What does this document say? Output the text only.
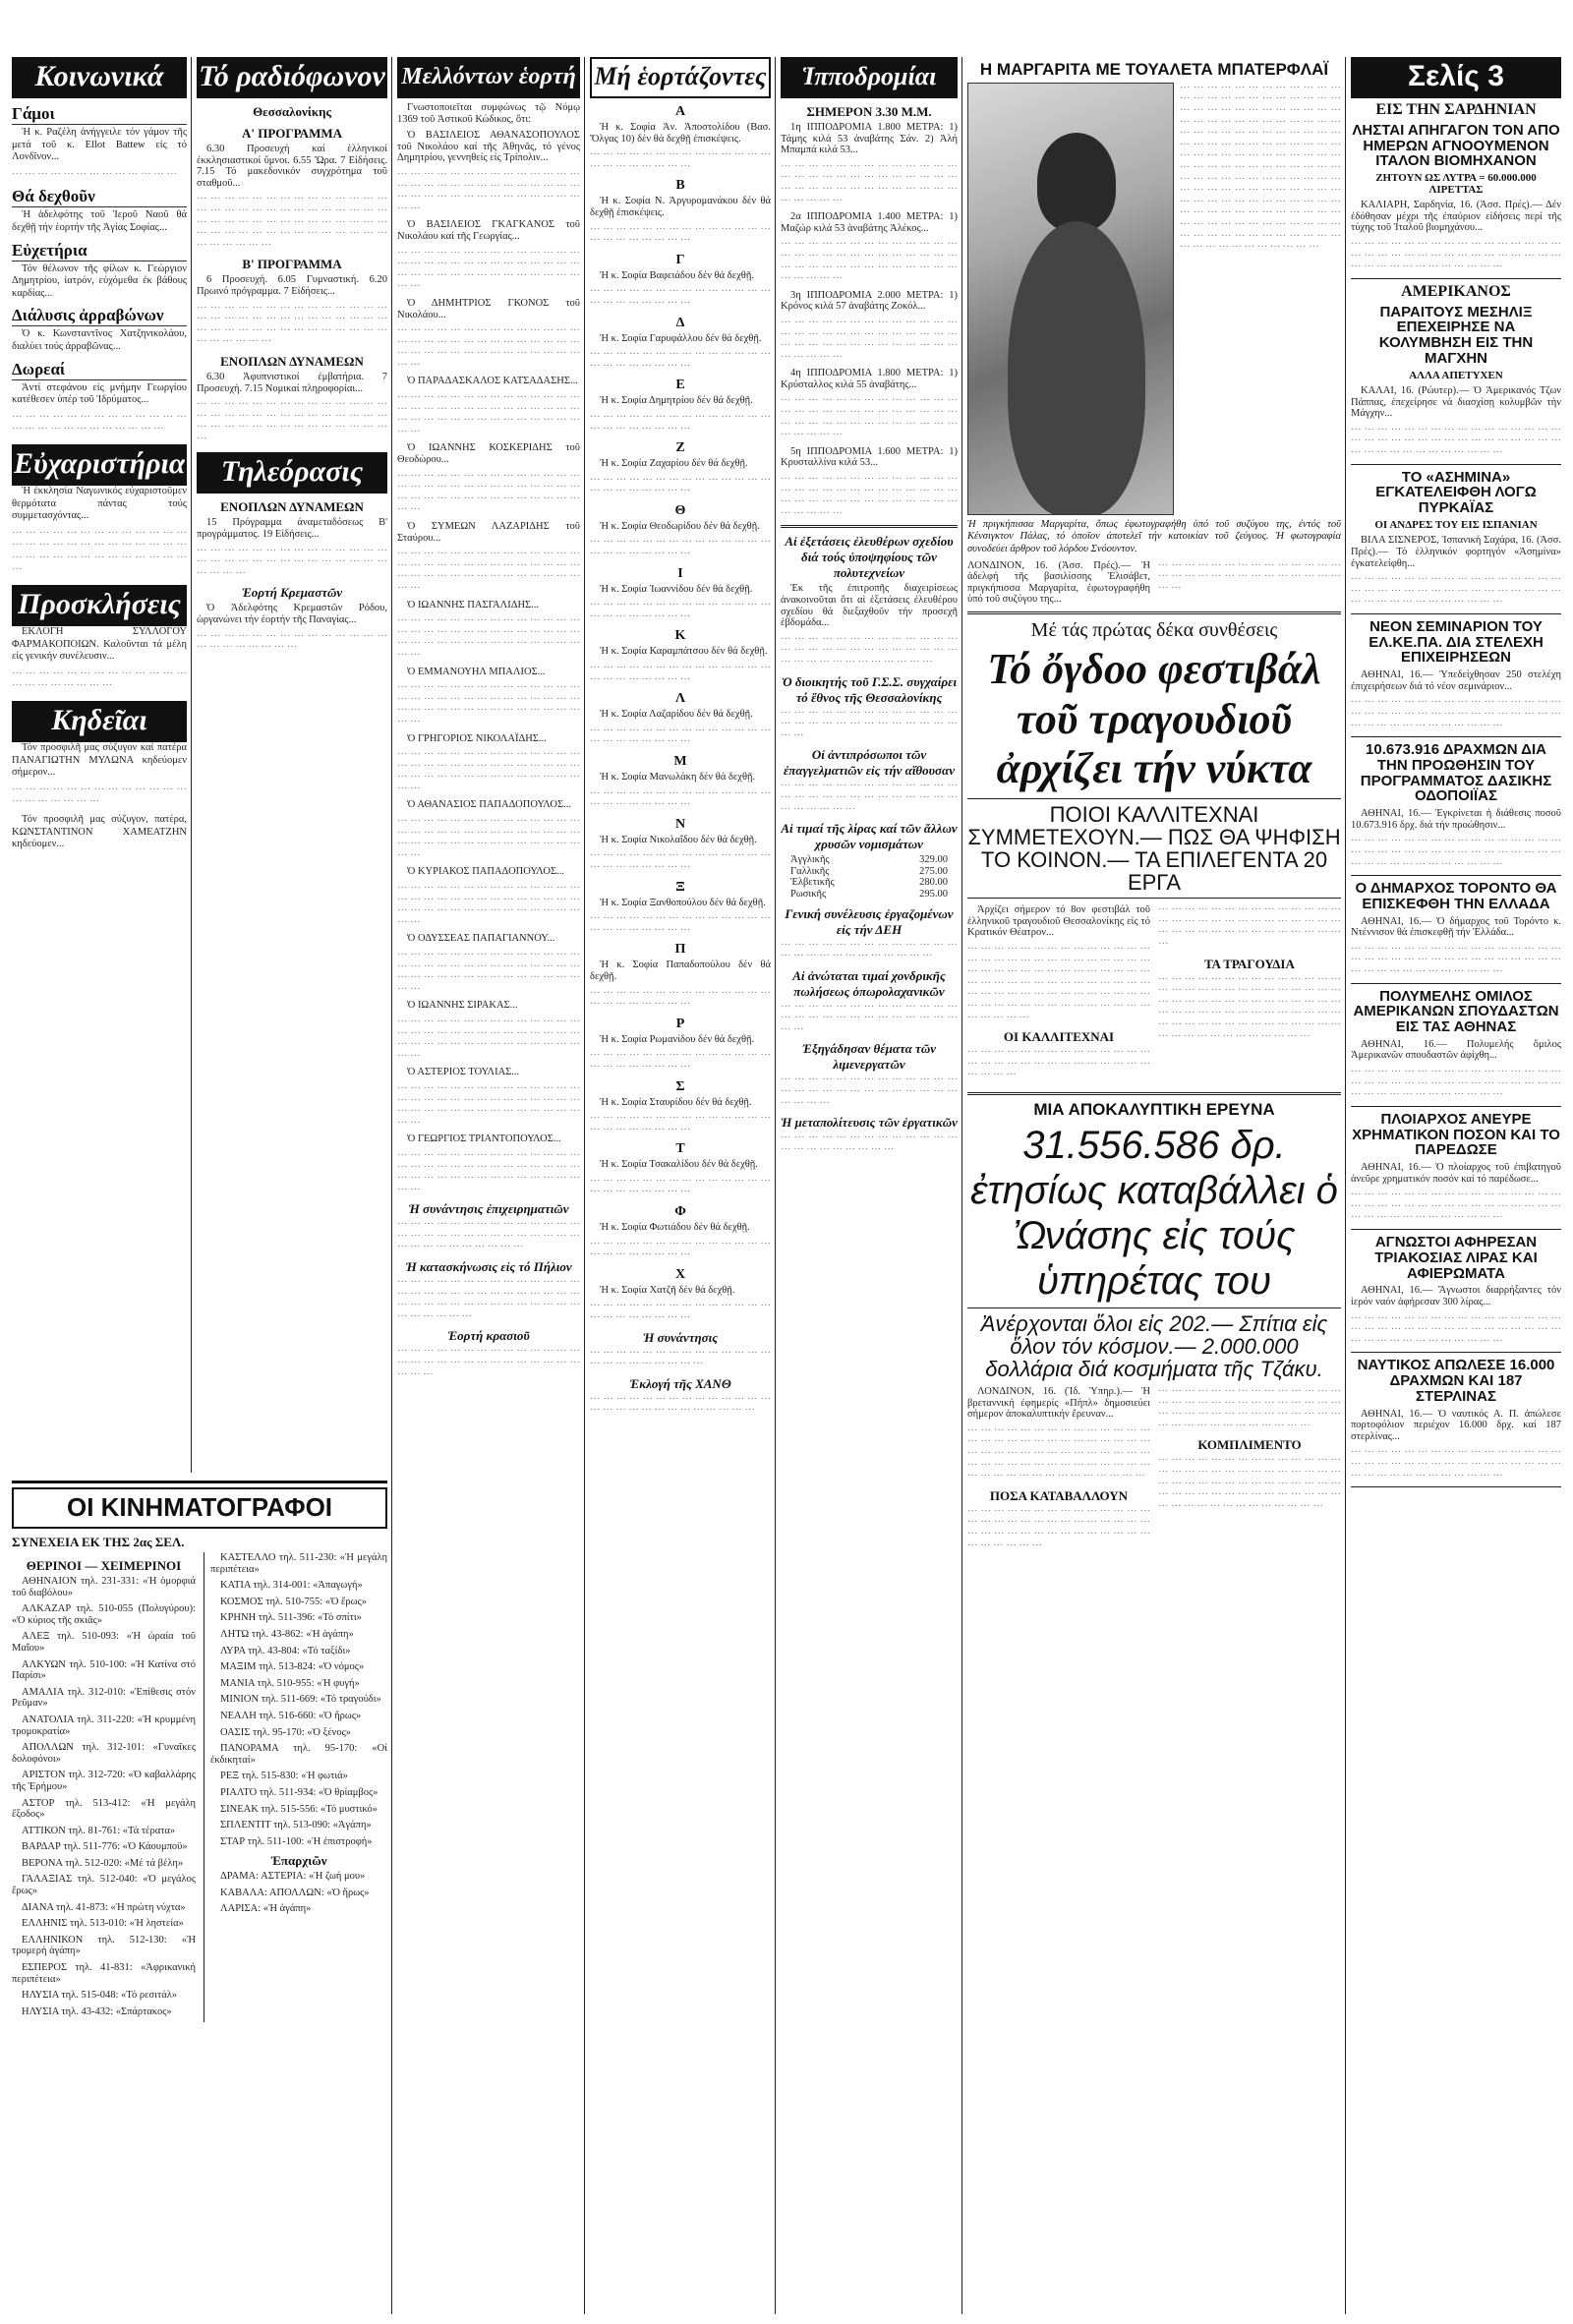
Κοινωνικά
Γάμοι
Ἡ κ. Ραζέλη ἀνήγγειλε τόν γάμον τῆς μετά τοῦ κ. Ellot Battew εἰς τό Λονδῖνον...
··· ··· ··· ··· ··· ··· ··· ··· ··· ··· ··· ··· ···
Θά δεχθοῦν
Ἡ ἀδελφότης τοῦ Ἱεροῦ Ναοῦ θά δεχθῇ τήν ἑορτήν τῆς Ἁγίας Σοφίας...
Εὐχετήρια
Τόν θέλωνον τῆς φίλων κ. Γεώργιον Δημητρίου, ἰατρόν, εὐχόμεθα ἐκ βάθους καρδίας...
Διάλυσις ἀρραβώνων
Ὁ κ. Κωνσταντῖνος Χατζηνικολάου, διαλύει τούς ἀρραβῶνας...
Δωρεαί
Ἀντί στεφάνου εἰς μνήμην Γεωργίου κατέθεσεν ὑπέρ τοῦ Ἱδρύματος...
··· ··· ··· ··· ··· ··· ··· ··· ··· ··· ··· ··· ··· ··· ··· ··· ··· ··· ··· ··· ··· ··· ··· ··· ···
Εὐχαριστήρια
Ἡ ἐκκλησία Ναγωνικός εὐχαριστοῦμεν θερμότατα πάντας τούς συμμετασχόντας...
··· ··· ··· ··· ··· ··· ··· ··· ··· ··· ··· ··· ··· ··· ··· ··· ··· ··· ··· ··· ··· ··· ··· ··· ··· ··· ··· ··· ··· ··· ··· ··· ··· ··· ··· ··· ··· ··· ··· ···
Προσκλήσεις
ΕΚΛΟΓΗ ΣΥΛΛΟΓΟΥ ΦΑΡΜΑΚΟΠΟΙΩΝ. Καλοῦνται τά μέλη εἰς γενικήν συνέλευσιν...
··· ··· ··· ··· ··· ··· ··· ··· ··· ··· ··· ··· ··· ··· ··· ··· ··· ··· ··· ··· ···
Κηδεῖαι
Τόν προσφιλῆ μας σύζυγον καί πατέρα ΠΑΝΑΓΙΩΤΗΝ ΜΥΛΩΝΑ κηδεύομεν σήμερον...
··· ··· ··· ··· ··· ··· ··· ··· ··· ··· ··· ··· ··· ··· ··· ··· ··· ··· ··· ···
Τόν προσφιλῆ μας σύζυγον, πατέρα, ΚΩΝΣΤΑΝΤΙΝΟΝ ΧΑΜΕΑΤΖΗΝ κηδεύομεν...
Τό ραδιόφωνον
Θεσσαλονίκης
Α' ΠΡΟΓΡΑΜΜΑ
6.30 Προσευχή καί ἑλληνικοί ἐκκλησιαστικοί ὕμνοι. 6.55 Ὥρα. 7 Εἰδήσεις. 7.15 Τό μακεδονικόν συγχρότημα τοῦ σταθμοῦ...
··· ··· ··· ··· ··· ··· ··· ··· ··· ··· ··· ··· ··· ··· ··· ··· ··· ··· ··· ··· ··· ··· ··· ··· ··· ··· ··· ··· ··· ··· ··· ··· ··· ··· ··· ··· ··· ··· ··· ··· ··· ··· ··· ··· ··· ··· ··· ··· ··· ··· ··· ··· ··· ··· ··· ··· ··· ··· ··· ··· ··· ···
Β' ΠΡΟΓΡΑΜΜΑ
6 Προσευχή. 6.05 Γυμναστική. 6.20 Πρωινό πρόγραμμα. 7 Εἰδήσεις...
··· ··· ··· ··· ··· ··· ··· ··· ··· ··· ··· ··· ··· ··· ··· ··· ··· ··· ··· ··· ··· ··· ··· ··· ··· ··· ··· ··· ··· ··· ··· ··· ··· ··· ··· ··· ··· ··· ··· ··· ··· ··· ··· ··· ··· ··· ··· ···
ΕΝΟΠΛΩΝ ΔΥΝΑΜΕΩΝ
6.30 Ἀφυπνιστικοί ἐμβατήρια. 7 Προσευχή. 7.15 Νομικαί πληροφορίαι...
··· ··· ··· ··· ··· ··· ··· ··· ··· ··· ··· ··· ··· ··· ··· ··· ··· ··· ··· ··· ··· ··· ··· ··· ··· ··· ··· ··· ··· ··· ··· ··· ··· ··· ··· ··· ··· ··· ··· ··· ··· ··· ···
Τηλεόρασις
ΕΝΟΠΛΩΝ ΔΥΝΑΜΕΩΝ
15 Πρόγραμμα ἀναμεταδόσεως Β' προγράμματος. 19 Εἰδήσεις...
··· ··· ··· ··· ··· ··· ··· ··· ··· ··· ··· ··· ··· ··· ··· ··· ··· ··· ··· ··· ··· ··· ··· ··· ··· ··· ··· ··· ··· ··· ··· ···
Ἑορτή Κρεμαστῶν
Ὁ Ἀδελφότης Κρεμαστῶν Ρόδου, ὡργανώνει τήν ἑορτήν τῆς Παναγίας...
··· ··· ··· ··· ··· ··· ··· ··· ··· ··· ··· ··· ··· ··· ··· ··· ··· ··· ··· ··· ··· ···
ΟΙ ΚΙΝΗΜΑΤΟΓΡΑΦΟΙ
ΣΥΝΕΧΕΙΑ ΕΚ ΤΗΣ 2ας ΣΕΛ.
ΘΕΡΙΝΟΙ — ΧΕΙΜΕΡΙΝΟΙ
ΑΘΗΝΑΙΟΝ τηλ. 231-331: «Ἡ ὁμορφιά τοῦ διαβόλου»
ΑΛΚΑΖΑΡ τηλ. 510-055 (Πολυγύρου): «Ὁ κύριος τῆς σκιᾶς»
ΑΛΕΞ τηλ. 510-093: «Ἡ ὡραία τοῦ Μαΐου»
ΑΛΚΥΩΝ τηλ. 510-100: «Ἡ Κατίνα στό Παρίσι»
ΑΜΑΛΙΑ τηλ. 312-010: «Ἐπίθεσις στόν Ρεῦμαν»
ΑΝΑΤΟΛΙΑ τηλ. 311-220: «Ἡ κρυμμένη τρομοκρατία»
ΑΠΟΛΛΩΝ τηλ. 312-101: «Γυναῖκες δολοφόνοι»
ΑΡΙΣΤΟΝ τηλ. 312-720: «Ὁ καβαλλάρης τῆς Ἐρήμου»
ΑΣΤΟΡ τηλ. 513-412: «Ἡ μεγάλη ἔξοδος»
ΑΤΤΙΚΟΝ τηλ. 81-761: «Τά τέρατα»
ΒΑΡΔΑΡ τηλ. 511-776: «Ὁ Κάουμποϋ»
ΒΕΡΟΝΑ τηλ. 512-020: «Μέ τά βέλη»
ΓΑΛΑΞΙΑΣ τηλ. 512-040: «Ὁ μεγάλος ἔρως»
ΔΙΑΝΑ τηλ. 41-873: «Ἡ πρώτη νύχτα»
ΕΛΛΗΝΙΣ τηλ. 513-010: «Ἡ ληστεία»
ΕΛΛΗΝΙΚΟΝ τηλ. 512-130: «Ἡ τρομερή ἀγάπη»
ΕΣΠΕΡΟΣ τηλ. 41-831: «Ἀφρικανική περιπέτεια»
ΗΛΥΣΙΑ τηλ. 515-048: «Τό ρεσιτάλ»
ΗΛΥΣΙΑ τηλ. 43-432: «Σπάρτακος»
ΚΑΣΤΕΛΛΟ τηλ. 511-230: «Ἡ μεγάλη περιπέτεια»
ΚΑΤΙΑ τηλ. 314-001: «Ἀπαγωγή»
ΚΟΣΜΟΣ τηλ. 510-755: «Ὁ ἔρως»
ΚΡΗΝΗ τηλ. 511-396: «Τό σπίτι»
ΛΗΤΩ τηλ. 43-862: «Ἡ ἀγάπη»
ΛΥΡΑ τηλ. 43-804: «Τό ταξίδι»
ΜΑΞΙΜ τηλ. 513-824: «Ὁ νόμος»
ΜΑΝΙΑ τηλ. 510-955: «Ἡ φυγή»
ΜΙΝΙΟΝ τηλ. 511-669: «Τό τραγούδι»
ΝΕΑΛΗ τηλ. 516-660: «Ὁ ἥρως»
ΟΑΣΙΣ τηλ. 95-170: «Ὁ ξένος»
ΠΑΝΟΡΑΜΑ τηλ. 95-170: «Οἱ ἐκδικηταί»
ΡΕΞ τηλ. 515-830: «Ἡ φωτιά»
ΡΙΑΛΤΟ τηλ. 511-934: «Ὁ θρίαμβος»
ΣΙΝΕΑΚ τηλ. 515-556: «Τό μυστικό»
ΣΠΛΕΝΤΙΤ τηλ. 513-090: «Ἀγάπη»
ΣΤΑΡ τηλ. 511-100: «Ἡ ἐπιστροφή»
Ἐπαρχιῶν
ΔΡΑΜΑ: ΑΣΤΕΡΙΑ: «Ἡ ζωή μου»
ΚΑΒΑΛΑ: ΑΠΟΛΛΩΝ: «Ὁ ἥρως»
ΛΑΡΙΣΑ: «Ἡ ἀγάπη»
Μελλόντων ἑορτή
Γνωστοποιεῖται συμφώνως τῷ Νόμῳ 1369 τοῦ Ἀστικοῦ Κώδικος, ὅτι:
Ὁ ΒΑΣΙΛΕΙΟΣ ΑΘΑΝΑΣΟΠΟΥΛΟΣ τοῦ Νικολάου καί τῆς Ἀθηνᾶς, τό γένος Δημητρίου, γεννηθείς εἰς Τρίπολιν...
··· ··· ··· ··· ··· ··· ··· ··· ··· ··· ··· ··· ··· ··· ··· ··· ··· ··· ··· ··· ··· ··· ··· ··· ··· ··· ··· ··· ··· ··· ··· ··· ··· ··· ··· ··· ··· ··· ··· ··· ··· ··· ··· ···
Ὁ ΒΑΣΙΛΕΙΟΣ ΓΚΑΓΚΑΝΟΣ τοῦ Νικολάου καί τῆς Γεωργίας...
··· ··· ··· ··· ··· ··· ··· ··· ··· ··· ··· ··· ··· ··· ··· ··· ··· ··· ··· ··· ··· ··· ··· ··· ··· ··· ··· ··· ··· ··· ··· ··· ··· ··· ··· ··· ··· ··· ··· ··· ··· ··· ··· ···
Ὁ ΔΗΜΗΤΡΙΟΣ ΓΚΟΝΟΣ τοῦ Νικολάου...
··· ··· ··· ··· ··· ··· ··· ··· ··· ··· ··· ··· ··· ··· ··· ··· ··· ··· ··· ··· ··· ··· ··· ··· ··· ··· ··· ··· ··· ··· ··· ··· ··· ··· ··· ··· ··· ··· ··· ··· ··· ··· ··· ···
Ὁ ΠΑΡΑΔΑΣΚΑΛΟΣ ΚΑΤΣΑΔΑΣΗΣ...
··· ··· ··· ··· ··· ··· ··· ··· ··· ··· ··· ··· ··· ··· ··· ··· ··· ··· ··· ··· ··· ··· ··· ··· ··· ··· ··· ··· ··· ··· ··· ··· ··· ··· ··· ··· ··· ··· ··· ··· ··· ··· ··· ···
Ὁ ΙΩΑΝΝΗΣ ΚΟΣΚΕΡΙΔΗΣ τοῦ Θεοδώρου...
··· ··· ··· ··· ··· ··· ··· ··· ··· ··· ··· ··· ··· ··· ··· ··· ··· ··· ··· ··· ··· ··· ··· ··· ··· ··· ··· ··· ··· ··· ··· ··· ··· ··· ··· ··· ··· ··· ··· ··· ··· ··· ··· ···
Ὁ ΣΥΜΕΩΝ ΛΑΖΑΡΙΔΗΣ τοῦ Σταύρου...
··· ··· ··· ··· ··· ··· ··· ··· ··· ··· ··· ··· ··· ··· ··· ··· ··· ··· ··· ··· ··· ··· ··· ··· ··· ··· ··· ··· ··· ··· ··· ··· ··· ··· ··· ··· ··· ··· ··· ··· ··· ··· ··· ···
Ὁ ΙΩΑΝΝΗΣ ΠΑΣΓΑΛΙΔΗΣ...
··· ··· ··· ··· ··· ··· ··· ··· ··· ··· ··· ··· ··· ··· ··· ··· ··· ··· ··· ··· ··· ··· ··· ··· ··· ··· ··· ··· ··· ··· ··· ··· ··· ··· ··· ··· ··· ··· ··· ··· ··· ··· ··· ···
Ὁ ΕΜΜΑΝΟΥΗΛ ΜΠΑΛΙΟΣ...
··· ··· ··· ··· ··· ··· ··· ··· ··· ··· ··· ··· ··· ··· ··· ··· ··· ··· ··· ··· ··· ··· ··· ··· ··· ··· ··· ··· ··· ··· ··· ··· ··· ··· ··· ··· ··· ··· ··· ··· ··· ··· ··· ···
Ὁ ΓΡΗΓΟΡΙΟΣ ΝΙΚΟΛΑΪΔΗΣ...
··· ··· ··· ··· ··· ··· ··· ··· ··· ··· ··· ··· ··· ··· ··· ··· ··· ··· ··· ··· ··· ··· ··· ··· ··· ··· ··· ··· ··· ··· ··· ··· ··· ··· ··· ··· ··· ··· ··· ··· ··· ··· ··· ···
Ὁ ΑΘΑΝΑΣΙΟΣ ΠΑΠΑΔΟΠΟΥΛΟΣ...
··· ··· ··· ··· ··· ··· ··· ··· ··· ··· ··· ··· ··· ··· ··· ··· ··· ··· ··· ··· ··· ··· ··· ··· ··· ··· ··· ··· ··· ··· ··· ··· ··· ··· ··· ··· ··· ··· ··· ··· ··· ··· ··· ···
Ὁ ΚΥΡΙΑΚΟΣ ΠΑΠΑΔΟΠΟΥΛΟΣ...
··· ··· ··· ··· ··· ··· ··· ··· ··· ··· ··· ··· ··· ··· ··· ··· ··· ··· ··· ··· ··· ··· ··· ··· ··· ··· ··· ··· ··· ··· ··· ··· ··· ··· ··· ··· ··· ··· ··· ··· ··· ··· ··· ···
Ὁ ΟΔΥΣΣΕΑΣ ΠΑΠΑΓΙΑΝΝΟΥ...
··· ··· ··· ··· ··· ··· ··· ··· ··· ··· ··· ··· ··· ··· ··· ··· ··· ··· ··· ··· ··· ··· ··· ··· ··· ··· ··· ··· ··· ··· ··· ··· ··· ··· ··· ··· ··· ··· ··· ··· ··· ··· ··· ···
Ὁ ΙΩΑΝΝΗΣ ΣΙΡΑΚΑΣ...
··· ··· ··· ··· ··· ··· ··· ··· ··· ··· ··· ··· ··· ··· ··· ··· ··· ··· ··· ··· ··· ··· ··· ··· ··· ··· ··· ··· ··· ··· ··· ··· ··· ··· ··· ··· ··· ··· ··· ··· ··· ··· ··· ···
Ὁ ΑΣΤΕΡΙΟΣ ΤΟΥΛΙΑΣ...
··· ··· ··· ··· ··· ··· ··· ··· ··· ··· ··· ··· ··· ··· ··· ··· ··· ··· ··· ··· ··· ··· ··· ··· ··· ··· ··· ··· ··· ··· ··· ··· ··· ··· ··· ··· ··· ··· ··· ··· ··· ··· ··· ···
Ὁ ΓΕΩΡΓΙΟΣ ΤΡΙΑΝΤΟΠΟΥΛΟΣ...
··· ··· ··· ··· ··· ··· ··· ··· ··· ··· ··· ··· ··· ··· ··· ··· ··· ··· ··· ··· ··· ··· ··· ··· ··· ··· ··· ··· ··· ··· ··· ··· ··· ··· ··· ··· ··· ··· ··· ··· ··· ··· ··· ···
Ἡ συνάντησις ἐπιχειρηματιῶν
··· ··· ··· ··· ··· ··· ··· ··· ··· ··· ··· ··· ··· ··· ··· ··· ··· ··· ··· ··· ··· ··· ··· ··· ··· ··· ··· ··· ··· ··· ··· ··· ··· ··· ··· ··· ··· ···
Ἡ κατασκήνωσις εἰς τό Πήλιον
··· ··· ··· ··· ··· ··· ··· ··· ··· ··· ··· ··· ··· ··· ··· ··· ··· ··· ··· ··· ··· ··· ··· ··· ··· ··· ··· ··· ··· ··· ··· ··· ··· ··· ··· ··· ··· ··· ··· ··· ··· ··· ··· ··· ··· ··· ··· ···
Ἑορτή κρασιοῦ
··· ··· ··· ··· ··· ··· ··· ··· ··· ··· ··· ··· ··· ··· ··· ··· ··· ··· ··· ··· ··· ··· ··· ··· ··· ··· ··· ··· ··· ··· ···
Μή ἑορτάζοντες
Α
Ἡ κ. Σοφία Ἀν. Ἀποστολίδου (Βασ. Ὄλγας 10) δέν θά δεχθῇ ἐπισκέψεις.
··· ··· ··· ··· ··· ··· ··· ··· ··· ··· ··· ··· ··· ··· ··· ··· ··· ··· ··· ··· ··· ···
Β
Ἡ κ. Σοφία Ν. Ἀργυρομανάκου δέν θά δεχθῇ ἐπισκέψεις.
··· ··· ··· ··· ··· ··· ··· ··· ··· ··· ··· ··· ··· ··· ··· ··· ··· ··· ··· ··· ··· ···
Γ
Ἡ κ. Σοφία Βαφειάδου δέν θά δεχθῇ.
··· ··· ··· ··· ··· ··· ··· ··· ··· ··· ··· ··· ··· ··· ··· ··· ··· ··· ··· ··· ··· ···
Δ
Ἡ κ. Σοφία Γαρυφάλλου δέν θά δεχθῇ.
··· ··· ··· ··· ··· ··· ··· ··· ··· ··· ··· ··· ··· ··· ··· ··· ··· ··· ··· ··· ··· ···
Ε
Ἡ κ. Σοφία Δημητρίου δέν θά δεχθῇ.
··· ··· ··· ··· ··· ··· ··· ··· ··· ··· ··· ··· ··· ··· ··· ··· ··· ··· ··· ··· ··· ···
Ζ
Ἡ κ. Σοφία Ζαχαρίου δέν θά δεχθῇ.
··· ··· ··· ··· ··· ··· ··· ··· ··· ··· ··· ··· ··· ··· ··· ··· ··· ··· ··· ··· ··· ···
Θ
Ἡ κ. Σοφία Θεοδωρίδου δέν θά δεχθῇ.
··· ··· ··· ··· ··· ··· ··· ··· ··· ··· ··· ··· ··· ··· ··· ··· ··· ··· ··· ··· ··· ···
Ι
Ἡ κ. Σοφία Ἰωαννίδου δέν θά δεχθῇ.
··· ··· ··· ··· ··· ··· ··· ··· ··· ··· ··· ··· ··· ··· ··· ··· ··· ··· ··· ··· ··· ···
Κ
Ἡ κ. Σοφία Καραμπάτσου δέν θά δεχθῇ.
··· ··· ··· ··· ··· ··· ··· ··· ··· ··· ··· ··· ··· ··· ··· ··· ··· ··· ··· ··· ··· ···
Λ
Ἡ κ. Σοφία Λαζαρίδου δέν θά δεχθῇ.
··· ··· ··· ··· ··· ··· ··· ··· ··· ··· ··· ··· ··· ··· ··· ··· ··· ··· ··· ··· ··· ···
Μ
Ἡ κ. Σοφία Μανωλάκη δέν θά δεχθῇ.
··· ··· ··· ··· ··· ··· ··· ··· ··· ··· ··· ··· ··· ··· ··· ··· ··· ··· ··· ··· ··· ···
Ν
Ἡ κ. Σοφία Νικολαΐδου δέν θά δεχθῇ.
··· ··· ··· ··· ··· ··· ··· ··· ··· ··· ··· ··· ··· ··· ··· ··· ··· ··· ··· ··· ··· ···
Ξ
Ἡ κ. Σοφία Ξανθοπούλου δέν θά δεχθῇ.
··· ··· ··· ··· ··· ··· ··· ··· ··· ··· ··· ··· ··· ··· ··· ··· ··· ··· ··· ··· ··· ···
Π
Ἡ κ. Σοφία Παπαδοπούλου δέν θά δεχθῇ.
··· ··· ··· ··· ··· ··· ··· ··· ··· ··· ··· ··· ··· ··· ··· ··· ··· ··· ··· ··· ··· ···
Ρ
Ἡ κ. Σοφία Ρωμανίδου δέν θά δεχθῇ.
··· ··· ··· ··· ··· ··· ··· ··· ··· ··· ··· ··· ··· ··· ··· ··· ··· ··· ··· ··· ··· ···
Σ
Ἡ κ. Σοφία Σταυρίδου δέν θά δεχθῇ.
··· ··· ··· ··· ··· ··· ··· ··· ··· ··· ··· ··· ··· ··· ··· ··· ··· ··· ··· ··· ··· ···
Τ
Ἡ κ. Σοφία Τσακαλίδου δέν θά δεχθῇ.
··· ··· ··· ··· ··· ··· ··· ··· ··· ··· ··· ··· ··· ··· ··· ··· ··· ··· ··· ··· ··· ···
Φ
Ἡ κ. Σοφία Φωτιάδου δέν θά δεχθῇ.
··· ··· ··· ··· ··· ··· ··· ··· ··· ··· ··· ··· ··· ··· ··· ··· ··· ··· ··· ··· ··· ···
Χ
Ἡ κ. Σοφία Χατζῆ δέν θά δεχθῇ.
··· ··· ··· ··· ··· ··· ··· ··· ··· ··· ··· ··· ··· ··· ··· ··· ··· ··· ··· ··· ··· ···
Ἡ συνάντησις
··· ··· ··· ··· ··· ··· ··· ··· ··· ··· ··· ··· ··· ··· ··· ··· ··· ··· ··· ··· ··· ··· ···
Ἐκλογή τῆς ΧΑΝΘ
··· ··· ··· ··· ··· ··· ··· ··· ··· ··· ··· ··· ··· ··· ··· ··· ··· ··· ··· ··· ··· ··· ··· ··· ··· ··· ···
Ἱπποδρομίαι
ΣΗΜΕΡΟΝ 3.30 Μ.Μ.
1η ΙΠΠΟΔΡΟΜΙΑ 1.800 ΜΕΤΡΑ: 1) Τάμης κιλά 53 ἀναβάτης Σάν. 2) Ἀλή Μπαμπά κιλά 53...
··· ··· ··· ··· ··· ··· ··· ··· ··· ··· ··· ··· ··· ··· ··· ··· ··· ··· ··· ··· ··· ··· ··· ··· ··· ··· ··· ··· ··· ··· ··· ··· ··· ··· ··· ··· ··· ··· ··· ··· ··· ··· ··· ···
2α ΙΠΠΟΔΡΟΜΙΑ 1.400 ΜΕΤΡΑ: 1) Μαζώρ κιλά 53 ἀναβάτης Ἀλέκος...
··· ··· ··· ··· ··· ··· ··· ··· ··· ··· ··· ··· ··· ··· ··· ··· ··· ··· ··· ··· ··· ··· ··· ··· ··· ··· ··· ··· ··· ··· ··· ··· ··· ··· ··· ··· ··· ··· ··· ··· ··· ··· ··· ···
3η ΙΠΠΟΔΡΟΜΙΑ 2.000 ΜΕΤΡΑ: 1) Κρόνος κιλά 57 ἀναβάτης Ζοκόλ...
··· ··· ··· ··· ··· ··· ··· ··· ··· ··· ··· ··· ··· ··· ··· ··· ··· ··· ··· ··· ··· ··· ··· ··· ··· ··· ··· ··· ··· ··· ··· ··· ··· ··· ··· ··· ··· ··· ··· ··· ··· ··· ··· ···
4η ΙΠΠΟΔΡΟΜΙΑ 1.800 ΜΕΤΡΑ: 1) Κρύσταλλος κιλά 55 ἀναβάτης...
··· ··· ··· ··· ··· ··· ··· ··· ··· ··· ··· ··· ··· ··· ··· ··· ··· ··· ··· ··· ··· ··· ··· ··· ··· ··· ··· ··· ··· ··· ··· ··· ··· ··· ··· ··· ··· ··· ··· ··· ··· ··· ··· ···
5η ΙΠΠΟΔΡΟΜΙΑ 1.600 ΜΕΤΡΑ: 1) Κρυσταλλίνα κιλά 53...
··· ··· ··· ··· ··· ··· ··· ··· ··· ··· ··· ··· ··· ··· ··· ··· ··· ··· ··· ··· ··· ··· ··· ··· ··· ··· ··· ··· ··· ··· ··· ··· ··· ··· ··· ··· ··· ··· ··· ··· ··· ··· ··· ···
Αἱ ἐξετάσεις ἐλευθέρων σχεδίου διά τούς ὑποψηφίους τῶν πολυτεχνείων
Ἐκ τῆς ἐπιτροπῆς διαχειρίσεως ἀνακοινοῦται ὅτι αἱ ἐξετάσεις ἐλευθέρου σχεδίου θά διεξαχθοῦν τήν προσεχῆ ἑβδομάδα...
··· ··· ··· ··· ··· ··· ··· ··· ··· ··· ··· ··· ··· ··· ··· ··· ··· ··· ··· ··· ··· ··· ··· ··· ··· ··· ··· ··· ··· ··· ··· ··· ··· ··· ··· ··· ··· ···
Ὁ διοικητής τοῦ Γ.Σ.Σ. συγχαίρει τό ἔθνος τῆς Θεσσαλονίκης
··· ··· ··· ··· ··· ··· ··· ··· ··· ··· ··· ··· ··· ··· ··· ··· ··· ··· ··· ··· ··· ··· ··· ··· ··· ··· ··· ···
Οἱ ἀντιπρόσωποι τῶν ἐπαγγελματιῶν εἰς τήν αἴθουσαν
··· ··· ··· ··· ··· ··· ··· ··· ··· ··· ··· ··· ··· ··· ··· ··· ··· ··· ··· ··· ··· ··· ··· ··· ··· ··· ··· ··· ··· ··· ··· ···
Αἱ τιμαί τῆς λίρας καί τῶν ἄλλων χρυσῶν νομισμάτων
Ἀγγλικῆς	329.00
Γαλλικῆς	275.00
Ἑλβετικῆς	280.00
Ρωσικῆς	295.00
Γενική συνέλευσις ἐργαζομένων εἰς τήν ΔΕΗ
··· ··· ··· ··· ··· ··· ··· ··· ··· ··· ··· ··· ··· ··· ··· ··· ··· ··· ··· ··· ··· ··· ··· ··· ···
Αἱ ἀνώταται τιμαί χονδρικῆς πωλήσεως ὀπωρολαχανικῶν
··· ··· ··· ··· ··· ··· ··· ··· ··· ··· ··· ··· ··· ··· ··· ··· ··· ··· ··· ··· ··· ··· ··· ··· ··· ··· ··· ···
Ἐξηγάδησαν θέματα τῶν λιμενεργατῶν
··· ··· ··· ··· ··· ··· ··· ··· ··· ··· ··· ··· ··· ··· ··· ··· ··· ··· ··· ··· ··· ··· ··· ··· ··· ··· ··· ··· ··· ···
Ἡ μεταπολίτευσις τῶν ἐργατικῶν
··· ··· ··· ··· ··· ··· ··· ··· ··· ··· ··· ··· ··· ··· ··· ··· ··· ··· ··· ··· ··· ···
Η ΜΑΡΓΑΡΙΤΑ ΜΕ ΤΟΥΑΛΕΤΑ ΜΠΑΤΕΡΦΛΑΪ
··· ··· ··· ··· ··· ··· ··· ··· ··· ··· ··· ··· ··· ··· ··· ··· ··· ··· ··· ··· ··· ··· ··· ··· ··· ··· ··· ··· ··· ··· ··· ··· ··· ··· ··· ··· ··· ··· ··· ··· ··· ··· ··· ··· ··· ··· ··· ··· ··· ··· ··· ··· ··· ··· ··· ··· ··· ··· ··· ··· ··· ··· ··· ··· ··· ··· ··· ··· ··· ··· ··· ··· ··· ··· ··· ··· ··· ··· ··· ··· ··· ··· ··· ··· ··· ··· ··· ··· ··· ··· ··· ··· ··· ··· ··· ··· ··· ··· ··· ··· ··· ··· ··· ··· ··· ··· ··· ··· ··· ··· ··· ··· ··· ··· ··· ··· ··· ··· ··· ··· ··· ··· ··· ··· ··· ··· ··· ··· ··· ··· ··· ··· ··· ··· ··· ··· ··· ··· ··· ··· ··· ··· ··· ··· ··· ··· ··· ··· ··· ··· ··· ··· ··· ··· ··· ··· ··· ··· ··· ··· ··· ··· ··· ··· ··· ··· ··· ··· ··· ··· ··· ··· ··· ··· ··· ··· ··· ··· ···
Ἡ πριγκήπισσα Μαργαρίτα, ὅπως ἐφωτογραφήθη ὑπό τοῦ συζύγου της, ἐντός τοῦ Κένσιγκτον Πάλας, τό ὁποῖον ἀποτελεῖ τήν κατοικίαν τοῦ ζεύγους. Ἡ φωτογραφία συνοδεύει ἄρθρον τοῦ λόρδου Σνόουντον.
ΛΟΝΔΙΝΟΝ, 16. (Ἀσσ. Πρές).— Ἡ ἀδελφή τῆς βασιλίσσης Ἐλισάβετ, πριγκήπισσα Μαργαρίτα, ἐφωτογραφήθη ὑπό τοῦ συζύγου της...
··· ··· ··· ··· ··· ··· ··· ··· ··· ··· ··· ··· ··· ··· ··· ··· ··· ··· ··· ··· ··· ··· ··· ··· ··· ··· ··· ··· ··· ···
Μέ τάς πρώτας δέκα συνθέσεις
Τό ὄγδοο φεστιβάλ τοῦ τραγουδιοῦ ἀρχίζει τήν νύκτα
ΠΟΙΟΙ ΚΑΛΛΙΤΕΧΝΑΙ ΣΥΜΜΕΤΕΧΟΥΝ.— ΠΩΣ ΘΑ ΨΗΦΙΣΗ ΤΟ ΚΟΙΝΟΝ.— ΤΑ ΕΠΙΛΕΓΕΝΤΑ 20 ΕΡΓΑ
Ἀρχίζει σήμερον τό 8ον φεστιβάλ τοῦ ἑλληνικοῦ τραγουδιοῦ Θεσσαλονίκης εἰς τό Κρατικόν Θέατρον...
··· ··· ··· ··· ··· ··· ··· ··· ··· ··· ··· ··· ··· ··· ··· ··· ··· ··· ··· ··· ··· ··· ··· ··· ··· ··· ··· ··· ··· ··· ··· ··· ··· ··· ··· ··· ··· ··· ··· ··· ··· ··· ··· ··· ··· ··· ··· ··· ··· ··· ··· ··· ··· ··· ··· ··· ··· ··· ··· ··· ··· ··· ··· ··· ··· ··· ··· ··· ··· ··· ··· ··· ··· ··· ··· ··· ··· ··· ··· ··· ··· ··· ··· ··· ··· ··· ··· ··· ···
ΟΙ ΚΑΛΛΙΤΕΧΝΑΙ
··· ··· ··· ··· ··· ··· ··· ··· ··· ··· ··· ··· ··· ··· ··· ··· ··· ··· ··· ··· ··· ··· ··· ··· ··· ··· ··· ··· ··· ··· ··· ···
··· ··· ··· ··· ··· ··· ··· ··· ··· ··· ··· ··· ··· ··· ··· ··· ··· ··· ··· ··· ··· ··· ··· ··· ··· ··· ··· ··· ··· ··· ··· ··· ··· ··· ··· ··· ··· ··· ··· ··· ··· ··· ···
ΤΑ ΤΡΑΓΟΥΔΙΑ
··· ··· ··· ··· ··· ··· ··· ··· ··· ··· ··· ··· ··· ··· ··· ··· ··· ··· ··· ··· ··· ··· ··· ··· ··· ··· ··· ··· ··· ··· ··· ··· ··· ··· ··· ··· ··· ··· ··· ··· ··· ··· ··· ··· ··· ··· ··· ··· ··· ··· ··· ··· ··· ··· ··· ··· ··· ··· ··· ··· ··· ··· ··· ··· ··· ··· ··· ··· ··· ··· ··· ··· ··· ··· ··· ··· ··· ··· ··· ··· ··· ···
ΜΙΑ ΑΠΟΚΑΛΥΠΤΙΚΗ ΕΡΕΥΝΑ
31.556.586 δρ. ἐτησίως καταβάλλει ὁ Ὠνάσης εἰς τούς ὑπηρέτας του
Ἀνέρχονται ὅλοι εἰς 202.— Σπίτια εἰς ὅλον τόν κόσμον.— 2.000.000 δολλάρια διά κοσμήματα τῆς Τζάκυ.
ΛΟΝΔΙΝΟΝ, 16. (Ἰδ. Ὑπηρ.).— Ἡ βρεταννική ἐφημερίς «Πήπλ» δημοσιεύει σήμερον ἀποκαλυπτικήν ἔρευναν...
··· ··· ··· ··· ··· ··· ··· ··· ··· ··· ··· ··· ··· ··· ··· ··· ··· ··· ··· ··· ··· ··· ··· ··· ··· ··· ··· ··· ··· ··· ··· ··· ··· ··· ··· ··· ··· ··· ··· ··· ··· ··· ··· ··· ··· ··· ··· ··· ··· ··· ··· ··· ··· ··· ··· ··· ··· ··· ··· ··· ··· ··· ··· ··· ··· ··· ··· ··· ··· ···
ΠΟΣΑ ΚΑΤΑΒΑΛΛΟΥΝ
··· ··· ··· ··· ··· ··· ··· ··· ··· ··· ··· ··· ··· ··· ··· ··· ··· ··· ··· ··· ··· ··· ··· ··· ··· ··· ··· ··· ··· ··· ··· ··· ··· ··· ··· ··· ··· ··· ··· ··· ··· ··· ··· ··· ··· ··· ··· ···
··· ··· ··· ··· ··· ··· ··· ··· ··· ··· ··· ··· ··· ··· ··· ··· ··· ··· ··· ··· ··· ··· ··· ··· ··· ··· ··· ··· ··· ··· ··· ··· ··· ··· ··· ··· ··· ··· ··· ··· ··· ··· ··· ··· ··· ··· ··· ··· ··· ··· ··· ··· ··· ···
ΚΟΜΠΛΙΜΕΝΤΟ
··· ··· ··· ··· ··· ··· ··· ··· ··· ··· ··· ··· ··· ··· ··· ··· ··· ··· ··· ··· ··· ··· ··· ··· ··· ··· ··· ··· ··· ··· ··· ··· ··· ··· ··· ··· ··· ··· ··· ··· ··· ··· ··· ··· ··· ··· ··· ··· ··· ··· ··· ··· ··· ··· ··· ··· ··· ··· ··· ··· ··· ··· ··· ··· ··· ··· ··· ··· ···
Σελίς 3
ΕΙΣ ΤΗΝ ΣΑΡΔΗΝΙΑΝ
ΛΗΣΤΑΙ ΑΠΗΓΑΓΟΝ ΤΟΝ ΑΠΟ ΗΜΕΡΩΝ ΑΓΝΟΟΥΜΕΝΟΝ ΙΤΑΛΟΝ ΒΙΟΜΗΧΑΝΟΝ
ΖΗΤΟΥΝ ΩΣ ΛΥΤΡΑ = 60.000.000 ΛΙΡΕΤΤΑΣ
ΚΑΛΙΑΡΗ, Σαρδηνία, 16. (Ἀσσ. Πρές).— Δέν ἐδόθησαν μέχρι τῆς ἐπαύριον εἰδήσεις περί τῆς τύχης τοῦ Ἰταλοῦ βιομηχάνου...
··· ··· ··· ··· ··· ··· ··· ··· ··· ··· ··· ··· ··· ··· ··· ··· ··· ··· ··· ··· ··· ··· ··· ··· ··· ··· ··· ··· ··· ··· ··· ··· ··· ··· ··· ··· ··· ··· ··· ··· ··· ··· ··· ···
ΑΜΕΡΙΚΑΝΟΣ
ΠΑΡΑΙΤΟΥΣ ΜΕΣΗΛΙΞ ΕΠΕΧΕΙΡΗΣΕ ΝΑ ΚΟΛΥΜΒΗΣΗ ΕΙΣ ΤΗΝ ΜΑΓΧΗΝ
ΑΛΛΑ ΑΠΕΤΥΧΕΝ
ΚΑΛΑΙ, 16. (Ρώυτερ).— Ὁ Ἀμερικανός Τζων Πάππας, ἐπεχείρησε νά διασχίσῃ κολυμβῶν τήν Μάγχην...
··· ··· ··· ··· ··· ··· ··· ··· ··· ··· ··· ··· ··· ··· ··· ··· ··· ··· ··· ··· ··· ··· ··· ··· ··· ··· ··· ··· ··· ··· ··· ··· ··· ··· ··· ··· ··· ··· ··· ··· ··· ··· ··· ···
ΤΟ «ΑΣΗΜΙΝΑ» ΕΓΚΑΤΕΛΕΙΦΘΗ ΛΟΓΩ ΠΥΡΚΑΪΑΣ
ΟΙ ΑΝΔΡΕΣ ΤΟΥ ΕΙΣ ΙΣΠΑΝΙΑΝ
ΒΙΛΑ ΣΙΣΝΕΡΟΣ, Ἱσπανική Σαχάρα, 16. (Ἀσσ. Πρές).— Τό ἑλληνικόν φορτηγόν «Ἀσημίνα» ἐγκατελείφθη...
··· ··· ··· ··· ··· ··· ··· ··· ··· ··· ··· ··· ··· ··· ··· ··· ··· ··· ··· ··· ··· ··· ··· ··· ··· ··· ··· ··· ··· ··· ··· ··· ··· ··· ··· ··· ··· ··· ··· ··· ··· ··· ··· ···
ΝΕΟΝ ΣΕΜΙΝΑΡΙΟΝ ΤΟΥ ΕΛ.ΚΕ.ΠΑ. ΔΙΑ ΣΤΕΛΕΧΗ ΕΠΙΧΕΙΡΗΣΕΩΝ
ΑΘΗΝΑΙ, 16.— Ὑπεδείχθησαν 250 στελέχη ἐπιχειρήσεων διά τό νέον σεμινάριον...
··· ··· ··· ··· ··· ··· ··· ··· ··· ··· ··· ··· ··· ··· ··· ··· ··· ··· ··· ··· ··· ··· ··· ··· ··· ··· ··· ··· ··· ··· ··· ··· ··· ··· ··· ··· ··· ··· ··· ··· ··· ··· ··· ···
10.673.916 ΔΡΑΧΜΩΝ ΔΙΑ ΤΗΝ ΠΡΟΩΘΗΣΙΝ ΤΟΥ ΠΡΟΓΡΑΜΜΑΤΟΣ ΔΑΣΙΚΗΣ ΟΔΟΠΟΙΪΑΣ
ΑΘΗΝΑΙ, 16.— Ἐγκρίνεται ἡ διάθεσις ποσοῦ 10.673.916 δρχ. διά τήν προώθησιν...
··· ··· ··· ··· ··· ··· ··· ··· ··· ··· ··· ··· ··· ··· ··· ··· ··· ··· ··· ··· ··· ··· ··· ··· ··· ··· ··· ··· ··· ··· ··· ··· ··· ··· ··· ··· ··· ··· ··· ··· ··· ··· ··· ···
Ο ΔΗΜΑΡΧΟΣ ΤΟΡΟΝΤΟ ΘΑ ΕΠΙΣΚΕΦΘΗ ΤΗΝ ΕΛΛΑΔΑ
ΑΘΗΝΑΙ, 16.— Ὁ δήμαρχος τοῦ Τορόντο κ. Ντέννισον θά ἐπισκεφθῇ τήν Ἑλλάδα...
··· ··· ··· ··· ··· ··· ··· ··· ··· ··· ··· ··· ··· ··· ··· ··· ··· ··· ··· ··· ··· ··· ··· ··· ··· ··· ··· ··· ··· ··· ··· ··· ··· ··· ··· ··· ··· ··· ··· ··· ··· ··· ··· ···
ΠΟΛΥΜΕΛΗΣ ΟΜΙΛΟΣ ΑΜΕΡΙΚΑΝΩΝ ΣΠΟΥΔΑΣΤΩΝ ΕΙΣ ΤΑΣ ΑΘΗΝΑΣ
ΑΘΗΝΑΙ, 16.— Πολυμελής ὅμιλος Ἀμερικανῶν σπουδαστῶν ἀφίχθη...
··· ··· ··· ··· ··· ··· ··· ··· ··· ··· ··· ··· ··· ··· ··· ··· ··· ··· ··· ··· ··· ··· ··· ··· ··· ··· ··· ··· ··· ··· ··· ··· ··· ··· ··· ··· ··· ··· ··· ··· ··· ··· ··· ···
ΠΛΟΙΑΡΧΟΣ ΑΝΕΥΡΕ ΧΡΗΜΑΤΙΚΟΝ ΠΟΣΟΝ ΚΑΙ ΤΟ ΠΑΡΕΔΩΣΕ
ΑΘΗΝΑΙ, 16.— Ὁ πλοίαρχος τοῦ ἐπιβατηγοῦ ἀνεῦρε χρηματικόν ποσόν καί τό παρέδωσε...
··· ··· ··· ··· ··· ··· ··· ··· ··· ··· ··· ··· ··· ··· ··· ··· ··· ··· ··· ··· ··· ··· ··· ··· ··· ··· ··· ··· ··· ··· ··· ··· ··· ··· ··· ··· ··· ··· ··· ··· ··· ··· ··· ···
ΑΓΝΩΣΤΟΙ ΑΦΗΡΕΣΑΝ ΤΡΙΑΚΟΣΙΑΣ ΛΙΡΑΣ ΚΑΙ ΑΦΙΕΡΩΜΑΤΑ
ΑΘΗΝΑΙ, 16.— Ἄγνωστοι διαρρήξαντες τόν ἱερόν ναόν ἀφήρεσαν 300 λίρας...
··· ··· ··· ··· ··· ··· ··· ··· ··· ··· ··· ··· ··· ··· ··· ··· ··· ··· ··· ··· ··· ··· ··· ··· ··· ··· ··· ··· ··· ··· ··· ··· ··· ··· ··· ··· ··· ··· ··· ··· ··· ··· ··· ···
ΝΑΥΤΙΚΟΣ ΑΠΩΛΕΣΕ 16.000 ΔΡΑΧΜΩΝ ΚΑΙ 187 ΣΤΕΡΛΙΝΑΣ
ΑΘΗΝΑΙ, 16.— Ὁ ναυτικός Α. Π. ἀπώλεσε πορτοφόλιον περιέχον 16.000 δρχ. καί 187 στερλίνας...
··· ··· ··· ··· ··· ··· ··· ··· ··· ··· ··· ··· ··· ··· ··· ··· ··· ··· ··· ··· ··· ··· ··· ··· ··· ··· ··· ··· ··· ··· ··· ··· ··· ··· ··· ··· ··· ··· ··· ··· ··· ··· ··· ···
